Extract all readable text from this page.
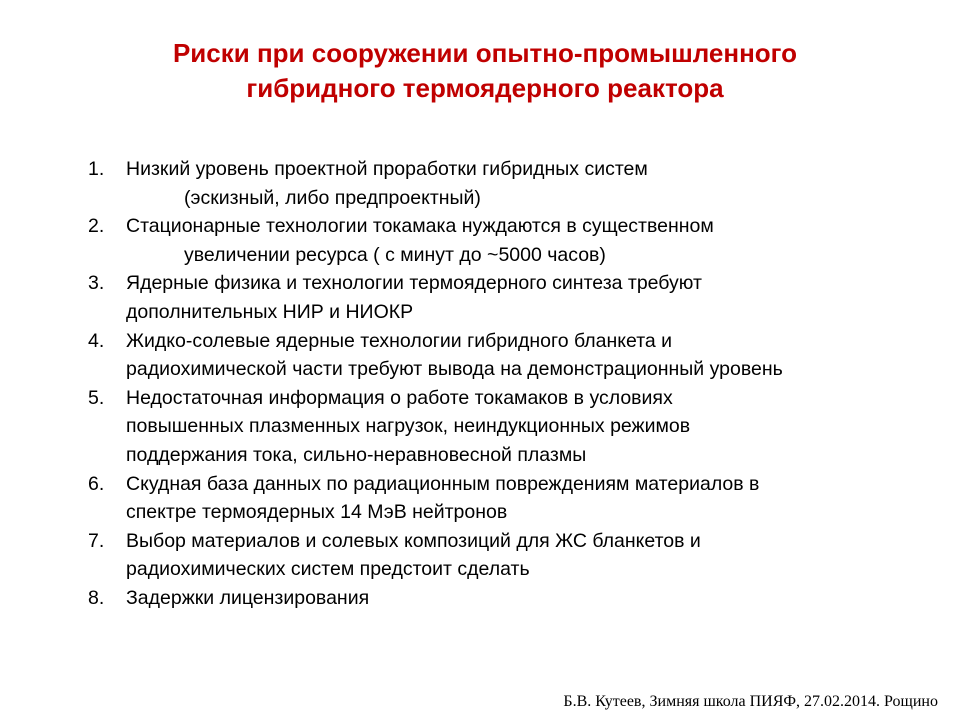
Риски при сооружении опытно-промышленного
гибридного термоядерного реактора
1. Низкий уровень проектной проработки гибридных систем
(эскизный, либо предпроектный)
2. Стационарные технологии токамака нуждаются в существенном
увеличении ресурса ( с минут до ~5000 часов)
3. Ядерные физика и технологии термоядерного синтеза требуют
дополнительных НИР и НИОКР
4. Жидко-солевые ядерные технологии гибридного бланкета и
радиохимической части требуют вывода на демонстрационный уровень
5. Недостаточная информация о работе токамаков в условиях
повышенных плазменных нагрузок, неиндукционных режимов
поддержания тока, сильно-неравновесной плазмы
6. Скудная база данных по радиационным повреждениям материалов в
спектре термоядерных 14 МэВ нейтронов
7. Выбор материалов и солевых композиций для ЖС бланкетов и
радиохимических систем предстоит сделать
8. Задержки лицензирования
Б.В. Кутеев, Зимняя школа ПИЯФ, 27.02.2014. Рощино
